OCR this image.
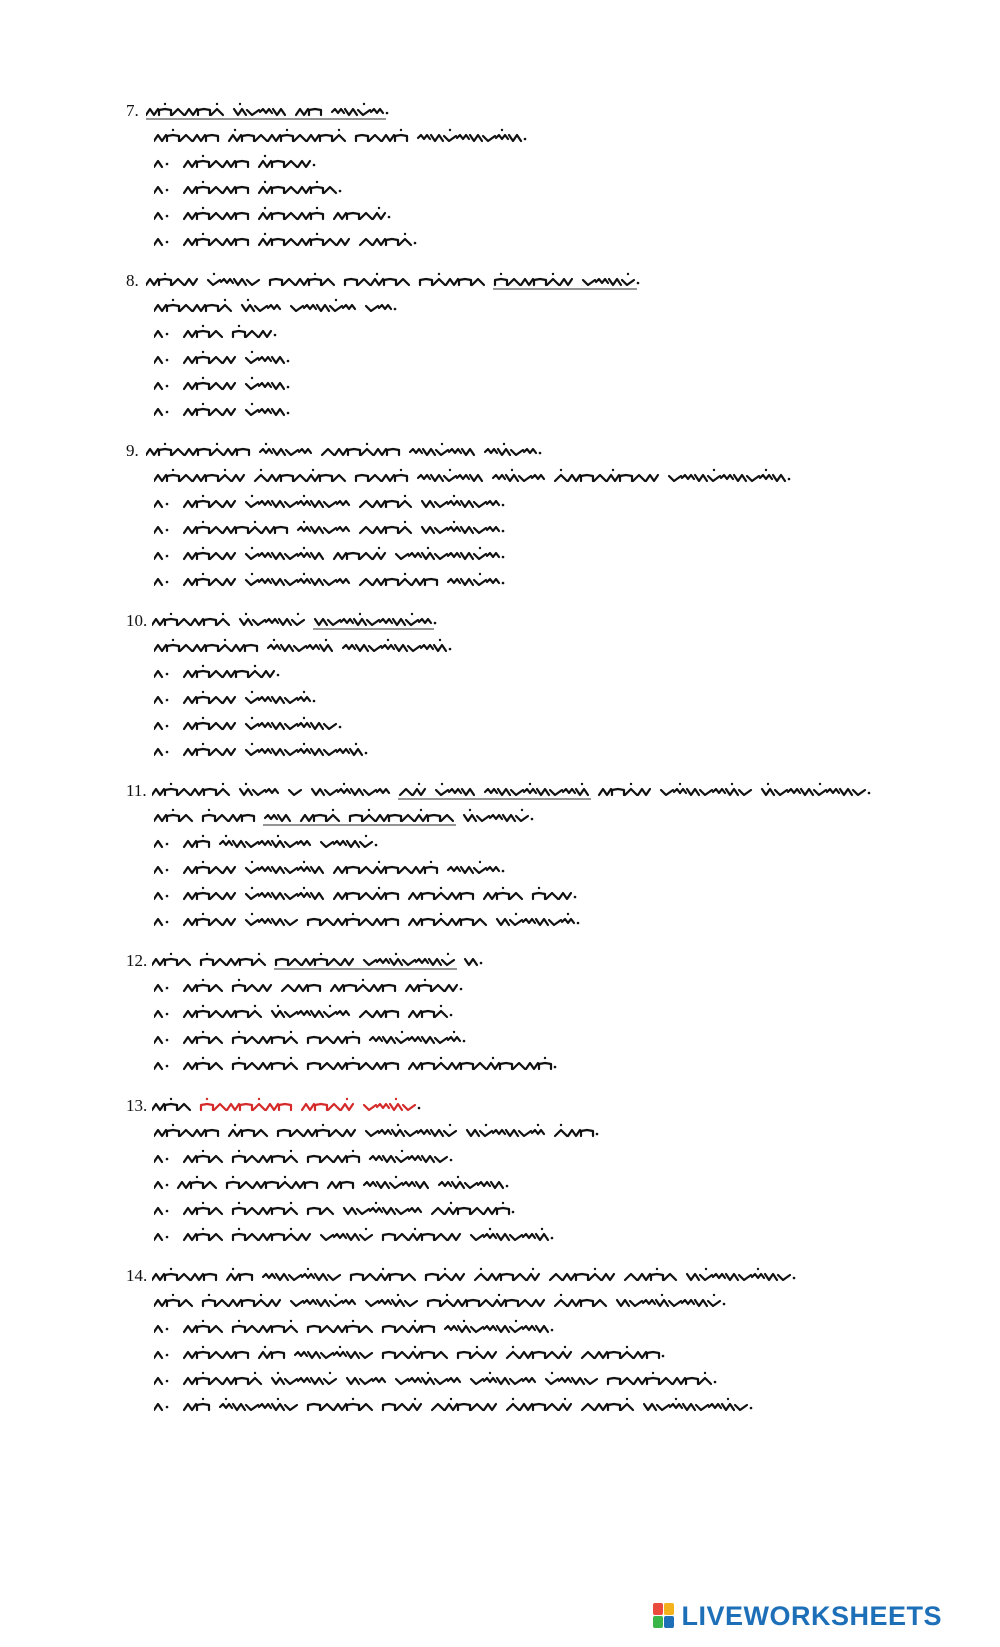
7.
8.
9.
10.
11.
12.
13.
14.
LIVEWORKSHEETS
